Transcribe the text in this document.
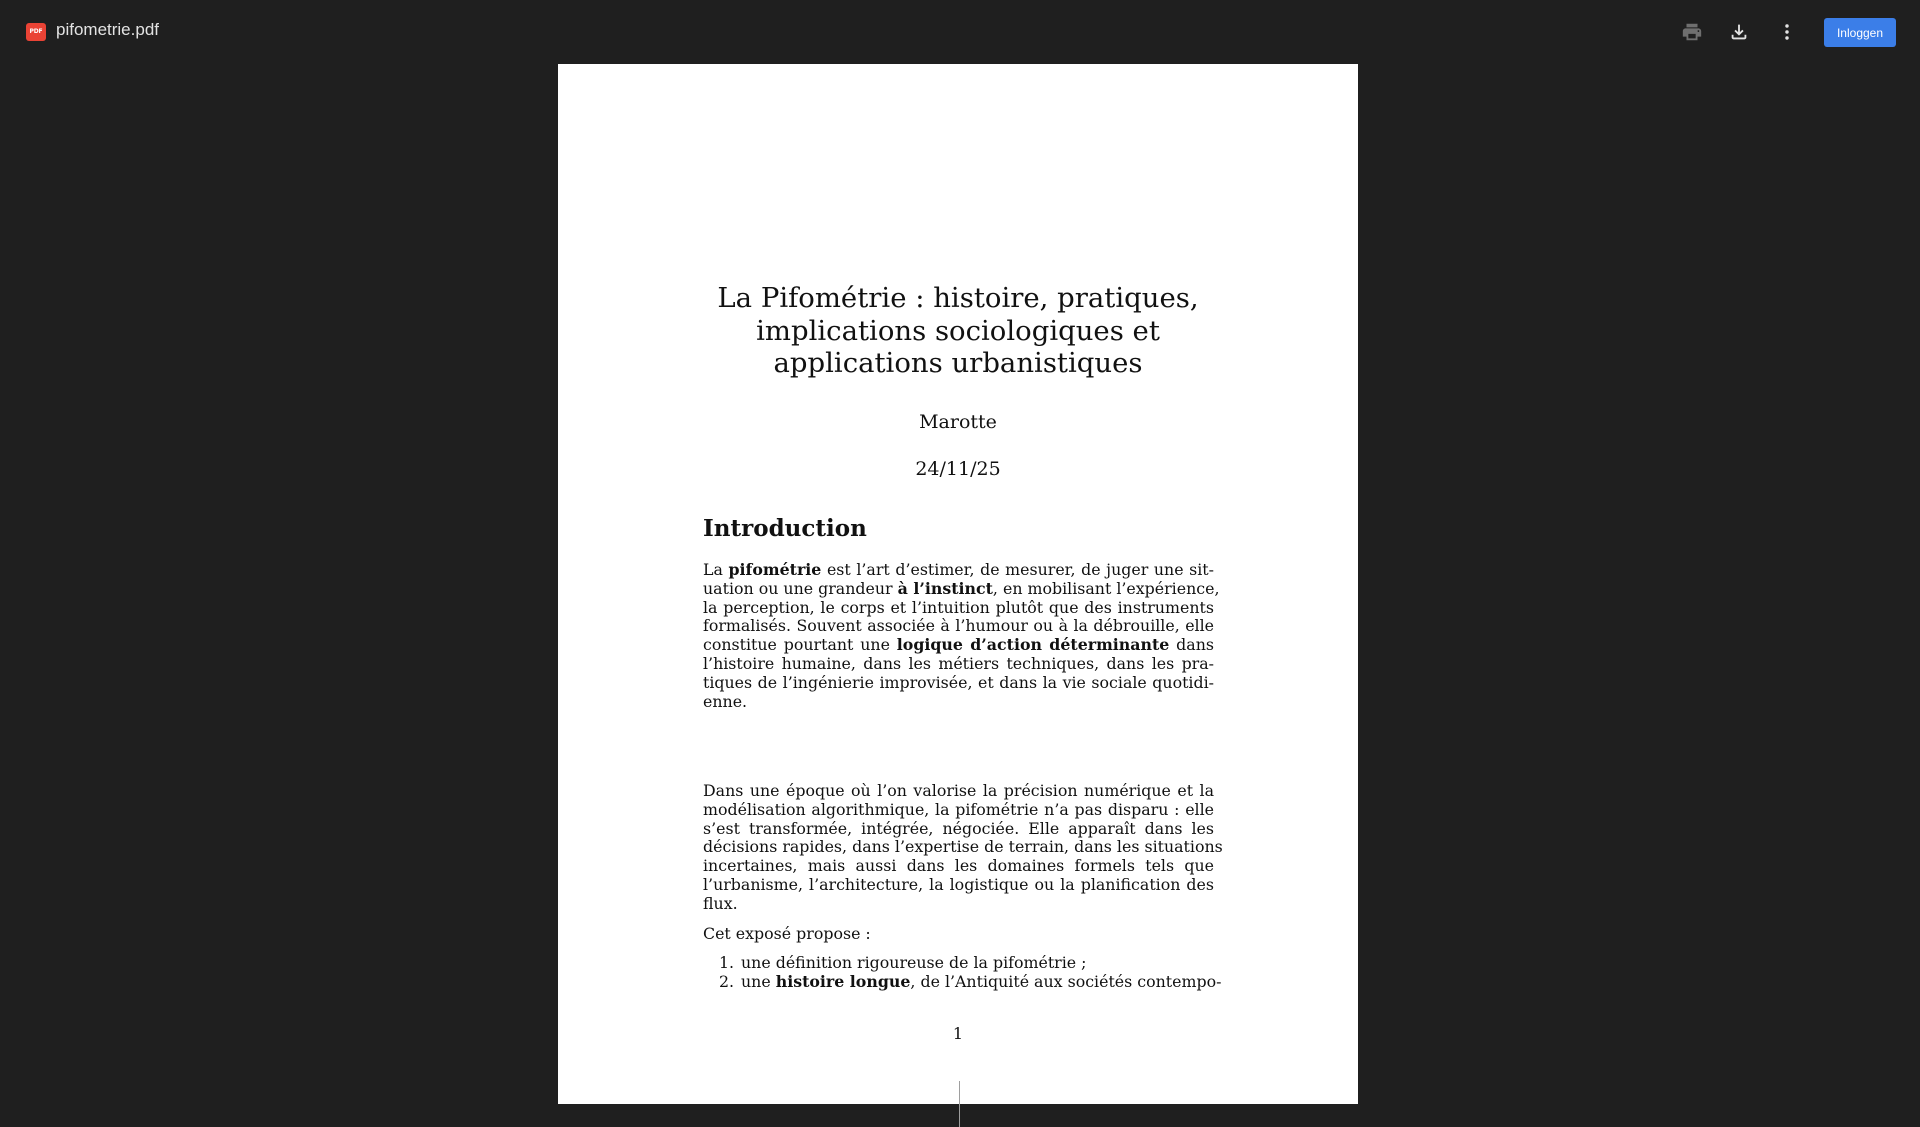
PDF pifometrie.pdf	Inloggen
La Pifométrie : histoire, pratiques,
implications sociologiques et
applications urbanistiques
Marotte
24/11/25
Introduction
La pifométrie est l’art d’estimer, de mesurer, de juger une sit-
uation ou une grandeur à l’instinct, en mobilisant l’expérience,
la perception, le corps et l’intuition plutôt que des instruments
formalisés. Souvent associée à l’humour ou à la débrouille, elle
constitue pourtant une logique d’action déterminante dans
l’histoire humaine, dans les métiers techniques, dans les pra-
tiques de l’ingénierie improvisée, et dans la vie sociale quotidi-
enne.
Dans une époque où l’on valorise la précision numérique et la
modélisation algorithmique, la pifométrie n’a pas disparu : elle
s’est transformée, intégrée, négociée. Elle apparaît dans les
décisions rapides, dans l’expertise de terrain, dans les situations
incertaines, mais aussi dans les domaines formels tels que
l’urbanisme, l’architecture, la logistique ou la planification des
flux.
Cet exposé propose :
1. une définition rigoureuse de la pifométrie ;
2. une histoire longue, de l’Antiquité aux sociétés contempo-
1
